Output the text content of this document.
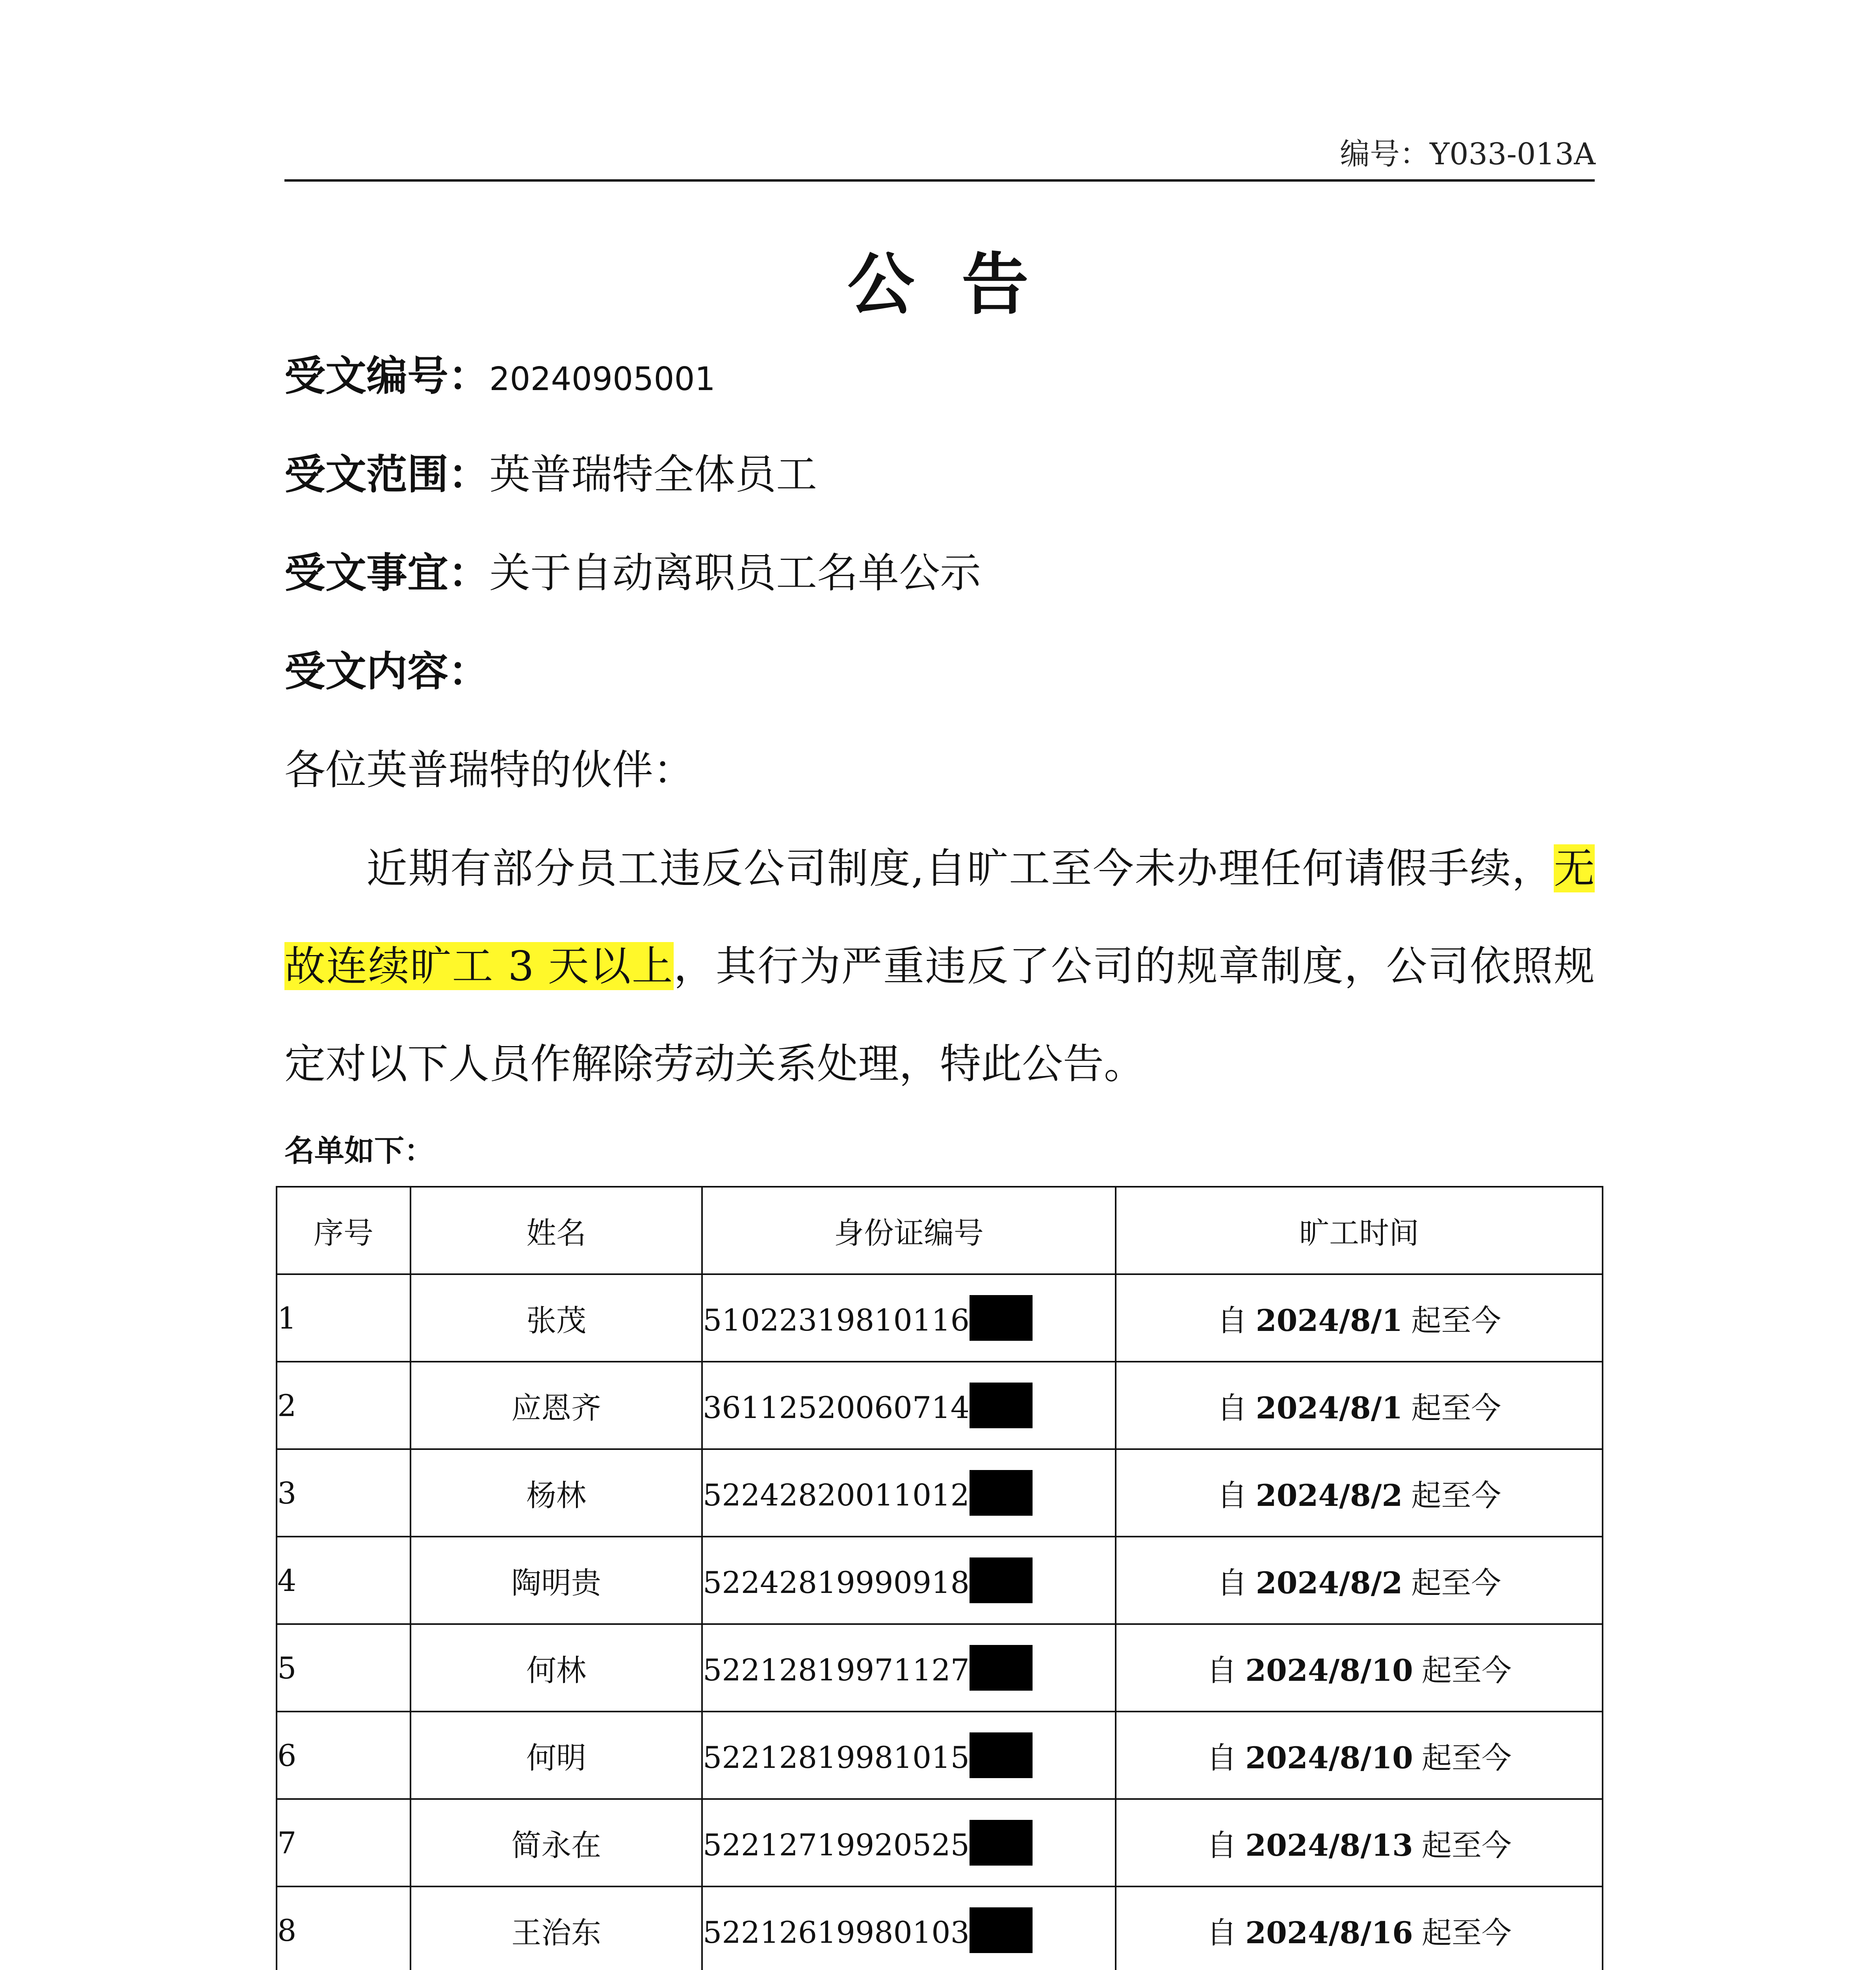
编号：Y033-013A
公告
受文编号：20240905001
受文范围：英普瑞特全体员工
受文事宜：关于自动离职员工名单公示
受文内容：
各位英普瑞特的伙伴：
近期有部分员工违反公司制度,自旷工至今未办理任何请假手续，无故连续旷工 3 天以上，其行为严重违反了公司的规章制度，公司依照规定对以下人员作解除劳动关系处理，特此公告。
名单如下：
序号	姓名	身份证编号	旷工时间
1	张茂	51022319810116	自 2024/8/1 起至今
2	应恩齐	36112520060714	自 2024/8/1 起至今
3	杨林	52242820011012	自 2024/8/2 起至今
4	陶明贵	52242819990918	自 2024/8/2 起至今
5	何林	52212819971127	自 2024/8/10 起至今
6	何明	52212819981015	自 2024/8/10 起至今
7	简永在	52212719920525	自 2024/8/13 起至今
8	王治东	52212619980103	自 2024/8/16 起至今
